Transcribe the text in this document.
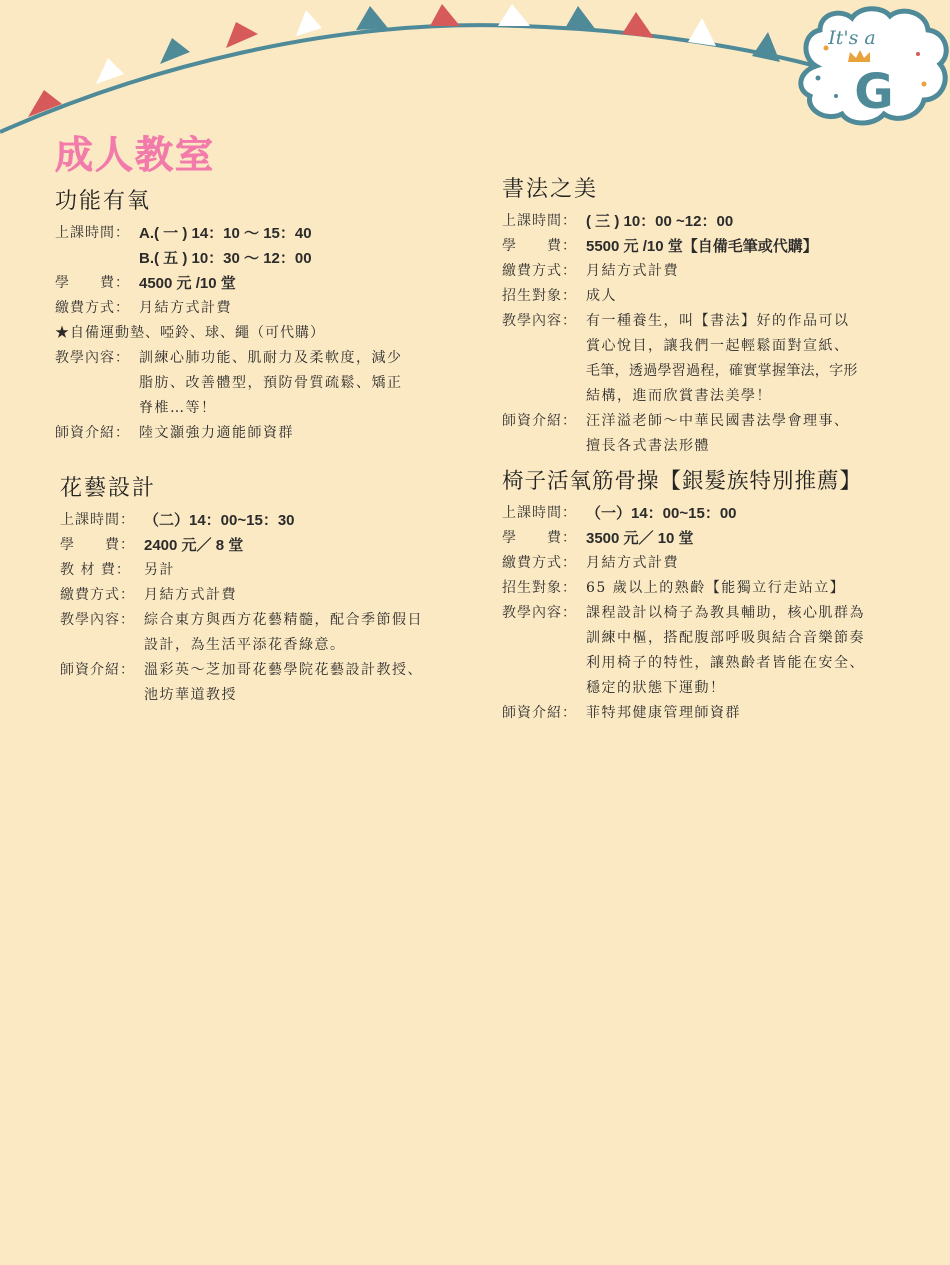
It's a
G
成人教室
功能有氧
上課時間： A.( 一 ) 14：10 ～ 15：40
B.( 五 ) 10：30 ～ 12：00
學　　費： 4500 元 /10 堂
繳費方式： 月結方式計費
★自備運動墊、啞鈴、球、繩（可代購）
教學內容： 訓練心肺功能、肌耐力及柔軟度，減少
脂肪、改善體型，預防骨質疏鬆、矯正
脊椎…等！
師資介紹： 陸文灝強力適能師資群
花藝設計
上課時間： （二）14：00~15：30
學　　費： 2400 元／ 8 堂
教 材 費： 另計
繳費方式： 月結方式計費
教學內容： 綜合東方與西方花藝精髓，配合季節假日
設計，為生活平添花香綠意。
師資介紹： 溫彩英～芝加哥花藝學院花藝設計教授、
池坊華道教授
書法之美
上課時間： ( 三 ) 10：00 ~12：00
學　　費： 5500 元 /10 堂【自備毛筆或代購】
繳費方式： 月結方式計費
招生對象： 成人
教學內容： 有一種養生，叫【書法】好的作品可以
賞心悅目，讓我們一起輕鬆面對宣紙、
毛筆，透過學習過程，確實掌握筆法，字形
結構，進而欣賞書法美學！
師資介紹： 汪洋溢老師～中華民國書法學會理事、
擅長各式書法形體
椅子活氧筋骨操【銀髮族特別推薦】
上課時間： （一）14：00~15：00
學　　費： 3500 元／ 10 堂
繳費方式： 月結方式計費
招生對象： 65 歲以上的熟齡【能獨立行走站立】
教學內容： 課程設計以椅子為教具輔助，核心肌群為
訓練中樞，搭配腹部呼吸與結合音樂節奏
利用椅子的特性，讓熟齡者皆能在安全、
穩定的狀態下運動！
師資介紹： 菲特邦健康管理師資群
